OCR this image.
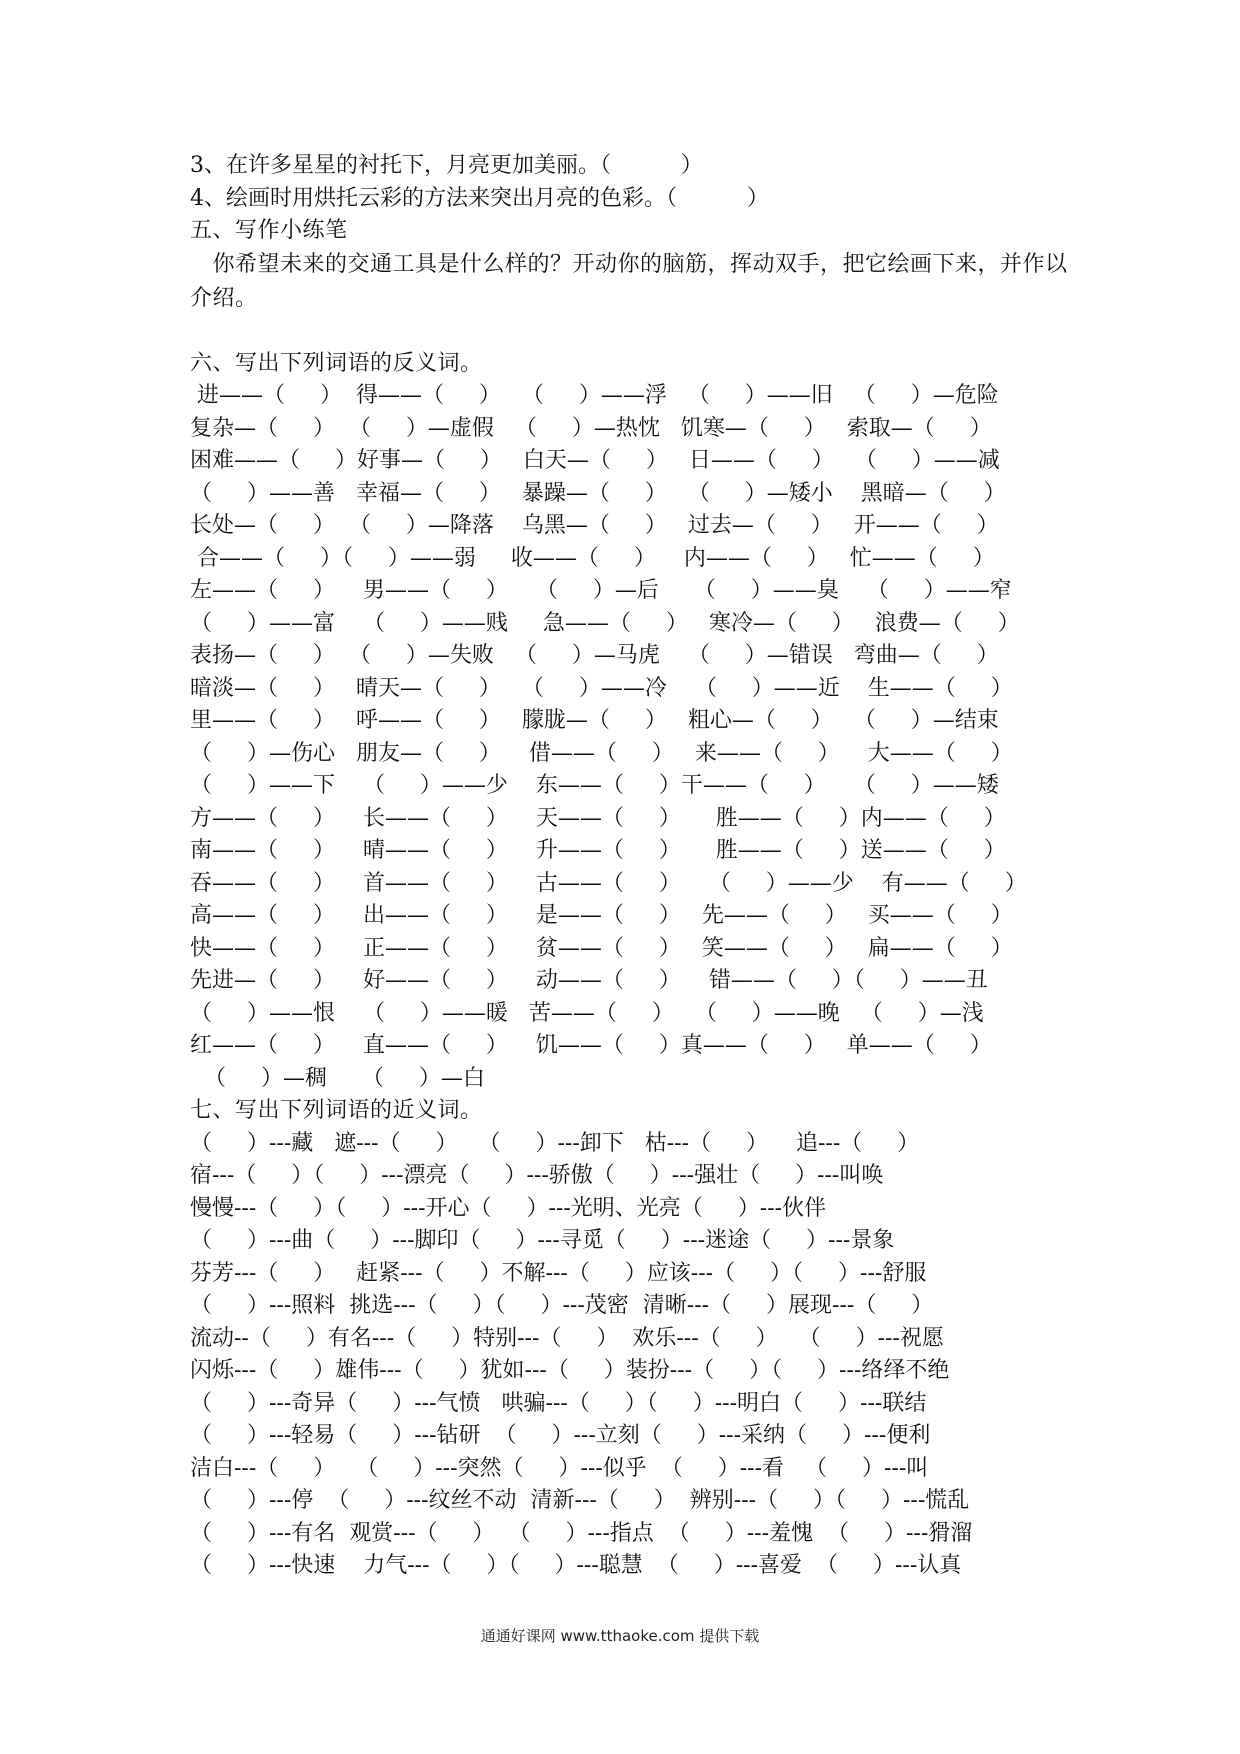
3、在许多星星的衬托下，月亮更加美丽。（          ）
4、绘画时用烘托云彩的方法来突出月亮的色彩。（          ）
五、写作小练笔
　你希望未来的交通工具是什么样的？开动你的脑筋，挥动双手，把它绘画下来，并作以介绍。
六、写出下列词语的反义词。
进——（     ）  得——（     ）   （     ）——浮   （     ）——旧   （     ）—危险
复杂—（     ）  （     ）—虚假   （     ）—热忱   饥寒—（     ）   索取—（     ）
困难——（     ）好事—（     ）   白天—（     ）   日——（     ）   （     ）——减
（     ）——善   幸福—（     ）   暴躁—（     ）   （     ）—矮小    黑暗—（     ）
长处—（     ）  （     ）—降落    乌黑—（     ）   过去—（     ）   开——（     ）
合——（     ）（     ）——弱     收——（     ）    内——（     ）   忙——（     ）
左——（     ）    男——（     ）    （     ）—后     （     ）——臭    （     ）——窄
（     ）——富    （     ）——贱     急——（     ）   寒冷—（     ）   浪费—（     ）
表扬—（     ）  （     ）—失败   （     ）—马虎    （     ）—错误   弯曲—（     ）
暗淡—（     ）   晴天—（     ）   （     ）——冷    （     ）——近    生——（     ）
里——（     ）   呼——（     ）   朦胧—（     ）   粗心—（     ）   （     ）—结束
（     ）—伤心   朋友—（     ）    借——（     ）   来——（     ）    大——（     ）
（     ）——下    （     ）——少    东——（     ）干——（     ）    （     ）——矮
方——（     ）    长——（     ）    天——（     ）     胜——（     ）内——（     ）
南——（     ）    晴——（     ）    升——（     ）     胜——（     ）送——（     ）
吞——（     ）    首——（     ）    古——（     ）    （     ）——少    有——（     ）
高——（     ）    出——（     ）    是——（     ）   先——（     ）   买——（     ）
快——（     ）    正——（     ）    贫——（     ）   笑——（     ）   扁——（     ）
先进—（     ）    好——（     ）    动——（     ）    错——（     ）（     ）——丑
（     ）——恨    （     ）——暖   苦——（     ）   （     ）——晚   （     ）—浅
红——（     ）    直——（     ）    饥——（     ）真——（     ）   单——（     ）
（     ）—稠     （     ）—白
七、写出下列词语的近义词。
（     ）---藏   遮---（     ）   （     ）---卸下   枯---（     ）    追---（     ）
宿---（     ）（     ）---漂亮（     ）---骄傲（     ）---强壮（     ）---叫唤
慢慢---（     ）（     ）---开心（     ）---光明、光亮（     ）---伙伴
（     ）---曲（     ）---脚印（     ）---寻觅（     ）---迷途（     ）---景象
芬芳---（     ）   赶紧---（     ）不解---（     ）应该---（     ）（     ）---舒服
（     ）---照料  挑选---（     ）（     ）---茂密  清晰---（     ）展现---（     ）
流动--（     ）有名---（     ）特别---（     ）  欢乐---（     ）   （     ）---祝愿
闪烁---（     ）雄伟---（     ）犹如---（     ）装扮---（     ）（     ）---络绎不绝
（     ）---奇异（     ）---气愤   哄骗---（     ）（     ）---明白（     ）---联结
（     ）---轻易（     ）---钻研  （     ）---立刻（     ）---采纳（     ）---便利
洁白---（     ）   （     ）---突然（     ）---似乎  （     ）---看   （     ）---叫
（     ）---停  （     ）---纹丝不动  清新---（     ）  辨别---（     ）（     ）---慌乱
（     ）---有名  观赏---（     ）  （     ）---指点  （     ）---羞愧  （     ）---猾溜
（     ）---快速    力气---（     ）（     ）---聪慧  （     ）---喜爱  （     ）---认真
通通好课网 www.tthaoke.com 提供下载
